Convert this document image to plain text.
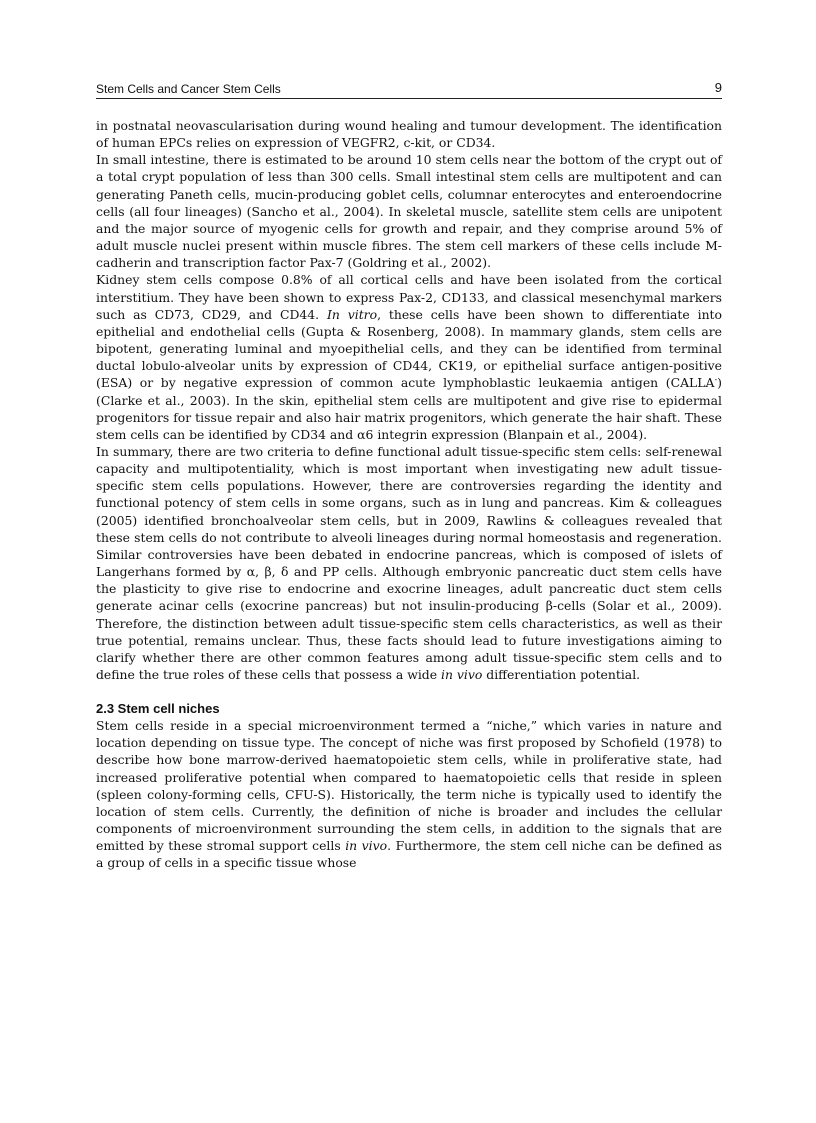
Stem Cells and Cancer Stem Cells	9

in postnatal neovascularisation during wound healing and tumour development. The identification of human EPCs relies on expression of VEGFR2, c-kit, or CD34.

In small intestine, there is estimated to be around 10 stem cells near the bottom of the crypt out of a total crypt population of less than 300 cells. Small intestinal stem cells are multipotent and can generating Paneth cells, mucin-producing goblet cells, columnar enterocytes and enteroendocrine cells (all four lineages) (Sancho et al., 2004). In skeletal muscle, satellite stem cells are unipotent and the major source of myogenic cells for growth and repair, and they comprise around 5% of adult muscle nuclei present within muscle fibres. The stem cell markers of these cells include M-cadherin and transcription factor Pax-7 (Goldring et al., 2002).

Kidney stem cells compose 0.8% of all cortical cells and have been isolated from the cortical interstitium. They have been shown to express Pax-2, CD133, and classical mesenchymal markers such as CD73, CD29, and CD44. In vitro, these cells have been shown to differentiate into epithelial and endothelial cells (Gupta & Rosenberg, 2008). In mammary glands, stem cells are bipotent, generating luminal and myoepithelial cells, and they can be identified from terminal ductal lobulo-alveolar units by expression of CD44, CK19, or epithelial surface antigen-positive (ESA) or by negative expression of common acute lymphoblastic leukaemia antigen (CALLA-) (Clarke et al., 2003). In the skin, epithelial stem cells are multipotent and give rise to epidermal progenitors for tissue repair and also hair matrix progenitors, which generate the hair shaft. These stem cells can be identified by CD34 and α6 integrin expression (Blanpain et al., 2004).

In summary, there are two criteria to define functional adult tissue-specific stem cells: self-renewal capacity and multipotentiality, which is most important when investigating new adult tissue-specific stem cells populations. However, there are controversies regarding the identity and functional potency of stem cells in some organs, such as in lung and pancreas. Kim & colleagues (2005) identified bronchoalveolar stem cells, but in 2009, Rawlins & colleagues revealed that these stem cells do not contribute to alveoli lineages during normal homeostasis and regeneration. Similar controversies have been debated in endocrine pancreas, which is composed of islets of Langerhans formed by α, β, δ and PP cells. Although embryonic pancreatic duct stem cells have the plasticity to give rise to endocrine and exocrine lineages, adult pancreatic duct stem cells generate acinar cells (exocrine pancreas) but not insulin-producing β-cells (Solar et al., 2009). Therefore, the distinction between adult tissue-specific stem cells characteristics, as well as their true potential, remains unclear. Thus, these facts should lead to future investigations aiming to clarify whether there are other common features among adult tissue-specific stem cells and to define the true roles of these cells that possess a wide in vivo differentiation potential.

2.3 Stem cell niches

Stem cells reside in a special microenvironment termed a “niche,” which varies in nature and location depending on tissue type. The concept of niche was first proposed by Schofield (1978) to describe how bone marrow-derived haematopoietic stem cells, while in proliferative state, had increased proliferative potential when compared to haematopoietic cells that reside in spleen (spleen colony-forming cells, CFU-S). Historically, the term niche is typically used to identify the location of stem cells. Currently, the definition of niche is broader and includes the cellular components of microenvironment surrounding the stem cells, in addition to the signals that are emitted by these stromal support cells in vivo. Furthermore, the stem cell niche can be defined as a group of cells in a specific tissue whose
